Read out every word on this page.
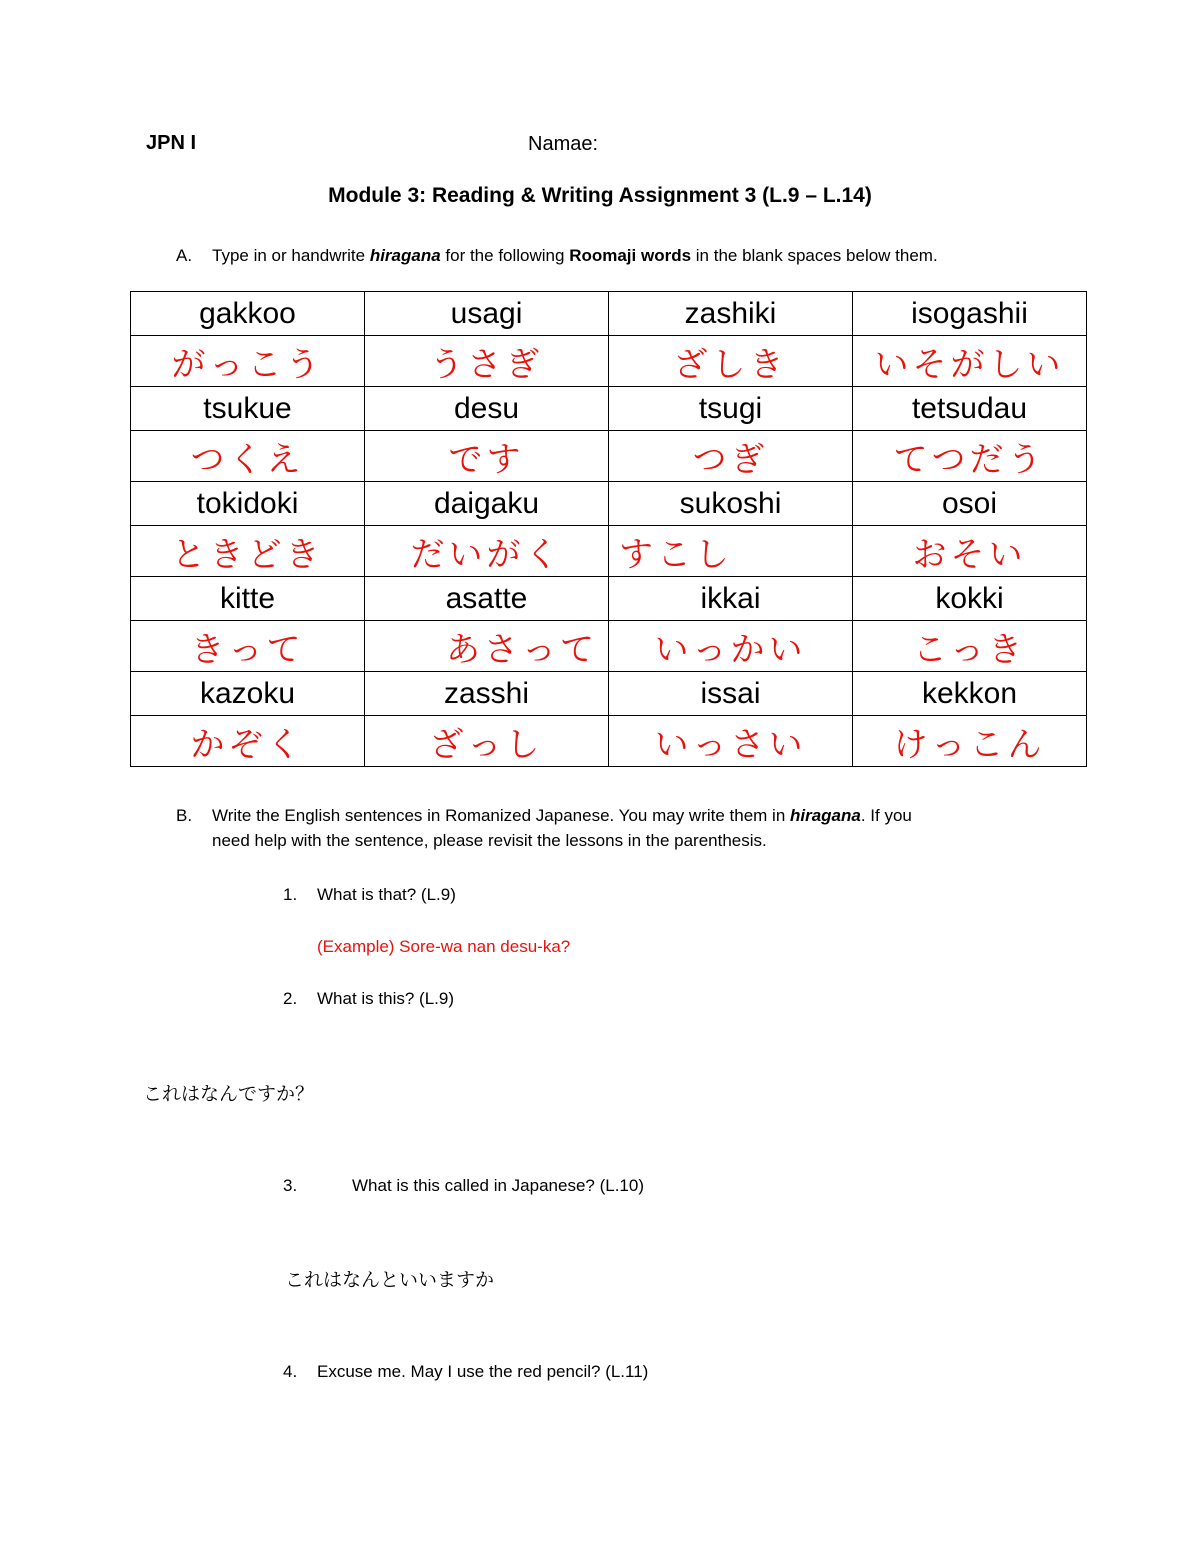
JPN I	Namae:
Module 3: Reading & Writing Assignment 3 (L.9 – L.14)
A. Type in or handwrite hiragana for the following Roomaji words in the blank spaces below them.
gakkoo	usagi	zashiki	isogashii
がっこう	うさぎ	ざしき	いそがしい
tsukue	desu	tsugi	tetsudau
つくえ	です	つぎ	てつだう
tokidoki	daigaku	sukoshi	osoi
ときどき	だいがく	すこし	おそい
kitte	asatte	ikkai	kokki
きって	あさって	いっかい	こっき
kazoku	zasshi	issai	kekkon
かぞく	ざっし	いっさい	けっこん
B. Write the English sentences in Romanized Japanese. You may write them in hiragana. If you
need help with the sentence, please revisit the lessons in the parenthesis.
1. What is that? (L.9)
(Example) Sore-wa nan desu-ka?
2. What is this? (L.9)
これはなんですか？
3.	What is this called in Japanese? (L.10)
これはなんといいますか
4. Excuse me. May I use the red pencil? (L.11)
